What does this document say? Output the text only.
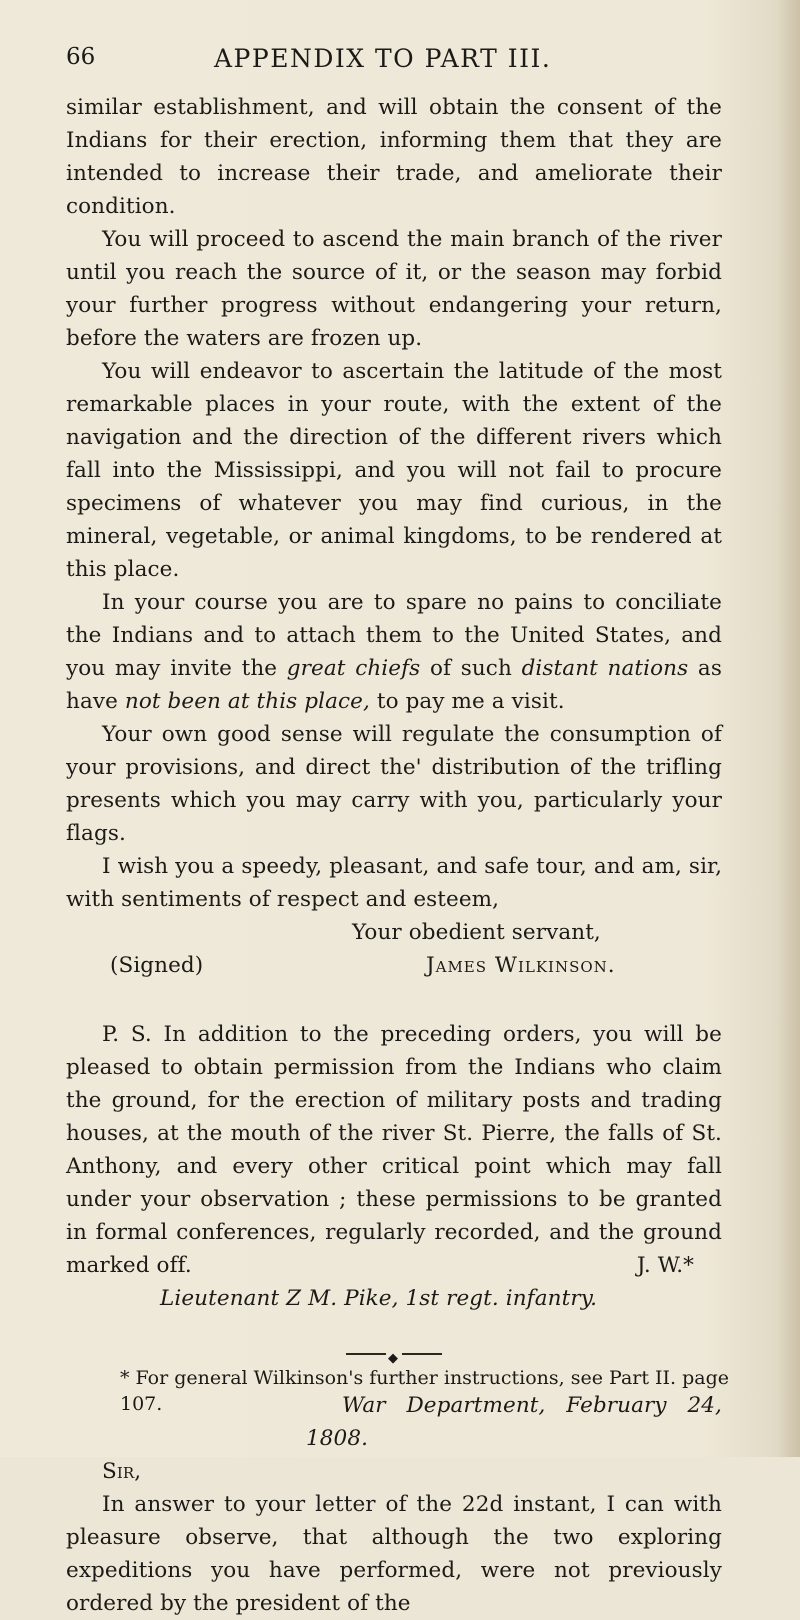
66	APPENDIX TO PART III.

similar establishment, and will obtain the consent of the Indians for their erection, informing them that they are intended to increase their trade, and ameliorate their condition.

You will proceed to ascend the main branch of the river until you reach the source of it, or the season may forbid your further progress without endangering your return, before the waters are frozen up.

You will endeavor to ascertain the latitude of the most remarkable places in your route, with the extent of the navigation and the direction of the different rivers which fall into the Mississippi, and you will not fail to procure specimens of whatever you may find curious, in the mineral, vegetable, or animal kingdoms, to be rendered at this place.

In your course you are to spare no pains to conciliate the Indians and to attach them to the United States, and you may invite the great chiefs of such distant nations as have not been at this place, to pay me a visit.

Your own good sense will regulate the consumption of your provisions, and direct the' distribution of the trifling presents which you may carry with you, particularly your flags.

I wish you a speedy, pleasant, and safe tour, and am, sir, with sentiments of respect and esteem,

Your obedient servant,

(Signed)	James Wilkinson.

P. S. In addition to the preceding orders, you will be pleased to obtain permission from the Indians who claim the ground, for the erection of military posts and trading houses, at the mouth of the river St. Pierre, the falls of St. Anthony, and every other critical point which may fall under your observation ; these permissions to be granted in formal conferences, regularly recorded, and the ground marked off.	J. W.*

Lieutenant Z M. Pike, 1st regt. infantry.

◆

War Department, February 24, 1808.

Sir,

In answer to your letter of the 22d instant, I can with pleasure observe, that although the two exploring expeditions you have performed, were not previously ordered by the president of the

* For general Wilkinson's further instructions, see Part II. page 107.
